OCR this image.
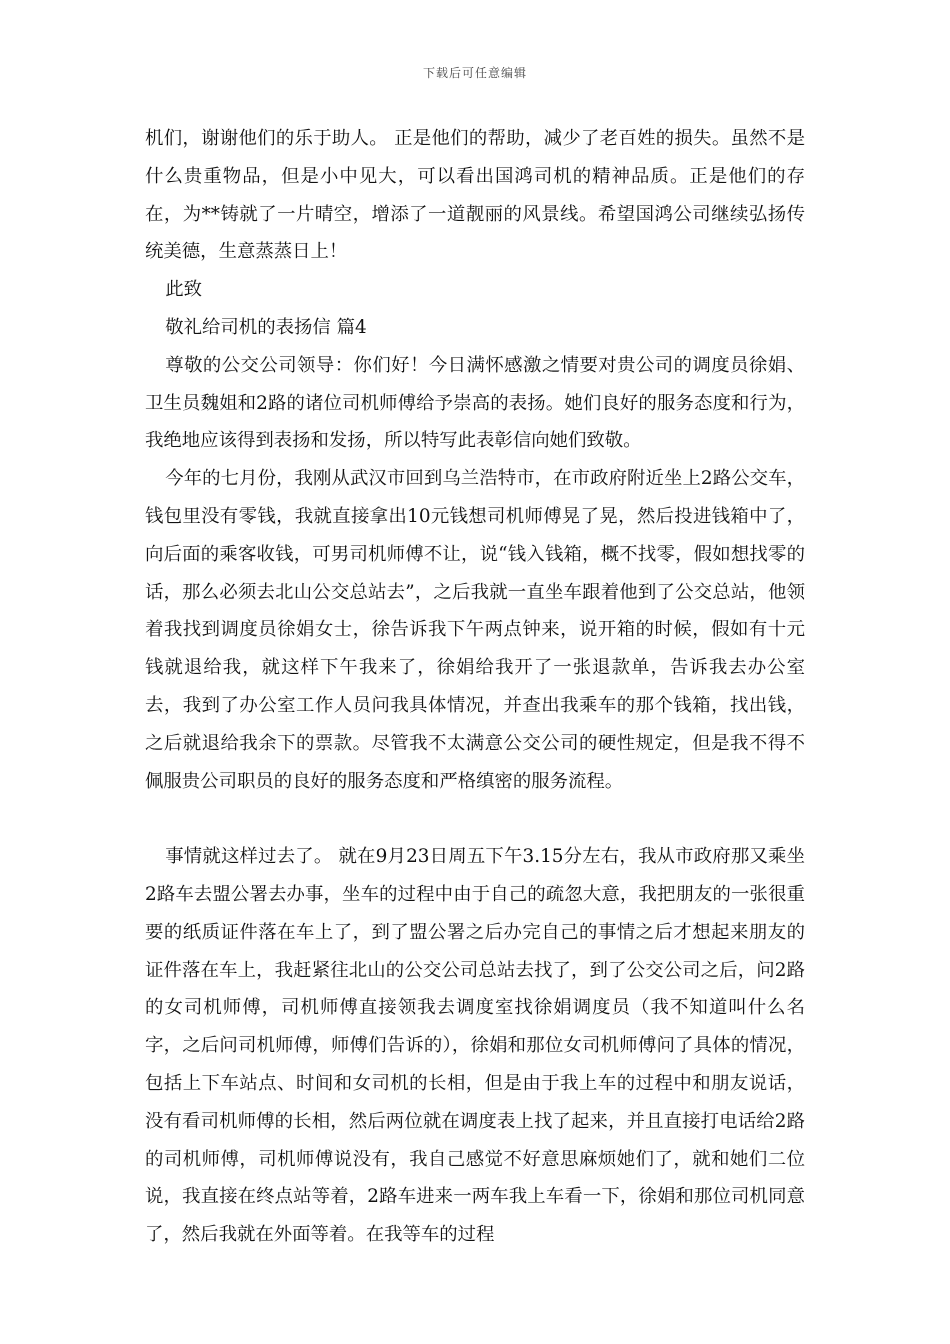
下载后可任意编辑

机们，谢谢他们的乐于助人。 正是他们的帮助，减少了老百姓的损失。虽然不是什么贵重物品，但是小中见大，可以看出国鸿司机的精神品质。正是他们的存在，为**铸就了一片晴空，增添了一道靓丽的风景线。希望国鸿公司继续弘扬传统美德，生意蒸蒸日上！

此致

敬礼给司机的表扬信 篇4

尊敬的公交公司领导：你们好！今日满怀感激之情要对贵公司的调度员徐娟、卫生员魏姐和2路的诸位司机师傅给予崇高的表扬。她们良好的服务态度和行为，我绝地应该得到表扬和发扬，所以特写此表彰信向她们致敬。

今年的七月份，我刚从武汉市回到乌兰浩特市，在市政府附近坐上2路公交车，钱包里没有零钱，我就直接拿出10元钱想司机师傅晃了晃，然后投进钱箱中了，向后面的乘客收钱，可男司机师傅不让，说“钱入钱箱，概不找零，假如想找零的话，那么必须去北山公交总站去”，之后我就一直坐车跟着他到了公交总站，他领着我找到调度员徐娟女士，徐告诉我下午两点钟来，说开箱的时候，假如有十元钱就退给我，就这样下午我来了，徐娟给我开了一张退款单，告诉我去办公室去，我到了办公室工作人员问我具体情况，并查出我乘车的那个钱箱，找出钱，之后就退给我余下的票款。尽管我不太满意公交公司的硬性规定，但是我不得不佩服贵公司职员的良好的服务态度和严格缜密的服务流程。

事情就这样过去了。 就在9月23日周五下午3.15分左右，我从市政府那又乘坐2路车去盟公署去办事，坐车的过程中由于自己的疏忽大意，我把朋友的一张很重要的纸质证件落在车上了，到了盟公署之后办完自己的事情之后才想起来朋友的证件落在车上，我赶紧往北山的公交公司总站去找了，到了公交公司之后，问2路的女司机师傅，司机师傅直接领我去调度室找徐娟调度员（我不知道叫什么名字，之后问司机师傅，师傅们告诉的），徐娟和那位女司机师傅问了具体的情况，包括上下车站点、时间和女司机的长相，但是由于我上车的过程中和朋友说话，没有看司机师傅的长相，然后两位就在调度表上找了起来，并且直接打电话给2路的司机师傅，司机师傅说没有，我自己感觉不好意思麻烦她们了，就和她们二位说，我直接在终点站等着，2路车进来一两车我上车看一下，徐娟和那位司机同意了，然后我就在外面等着。在我等车的过程
